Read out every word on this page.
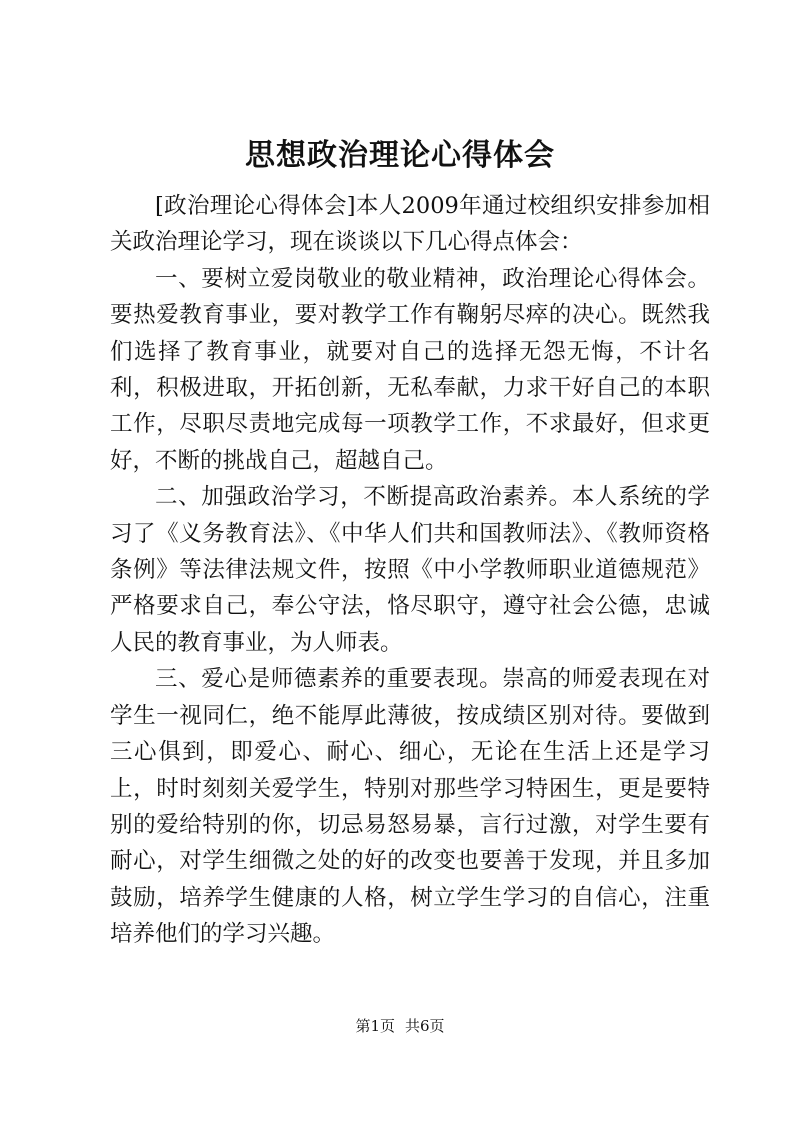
思想政治理论心得体会

[政治理论心得体会]本人2009年通过校组织安排参加相关政治理论学习，现在谈谈以下几心得点体会：

一、要树立爱岗敬业的敬业精神，政治理论心得体会。要热爱教育事业，要对教学工作有鞠躬尽瘁的决心。既然我们选择了教育事业，就要对自己的选择无怨无悔，不计名利，积极进取，开拓创新，无私奉献，力求干好自己的本职工作，尽职尽责地完成每一项教学工作，不求最好，但求更好，不断的挑战自己，超越自己。

二、加强政治学习，不断提高政治素养。本人系统的学习了《义务教育法》、《中华人们共和国教师法》、《教师资格条例》等法律法规文件，按照《中小学教师职业道德规范》严格要求自己，奉公守法，恪尽职守，遵守社会公德，忠诚人民的教育事业，为人师表。

三、爱心是师德素养的重要表现。崇高的师爱表现在对学生一视同仁，绝不能厚此薄彼，按成绩区别对待。要做到三心俱到，即爱心、耐心、细心，无论在生活上还是学习上，时时刻刻关爱学生，特别对那些学习特困生，更是要特别的爱给特别的你，切忌易怒易暴，言行过激，对学生要有耐心，对学生细微之处的好的改变也要善于发现，并且多加鼓励，培养学生健康的人格，树立学生学习的自信心，注重培养他们的学习兴趣。

第1页 共6页
